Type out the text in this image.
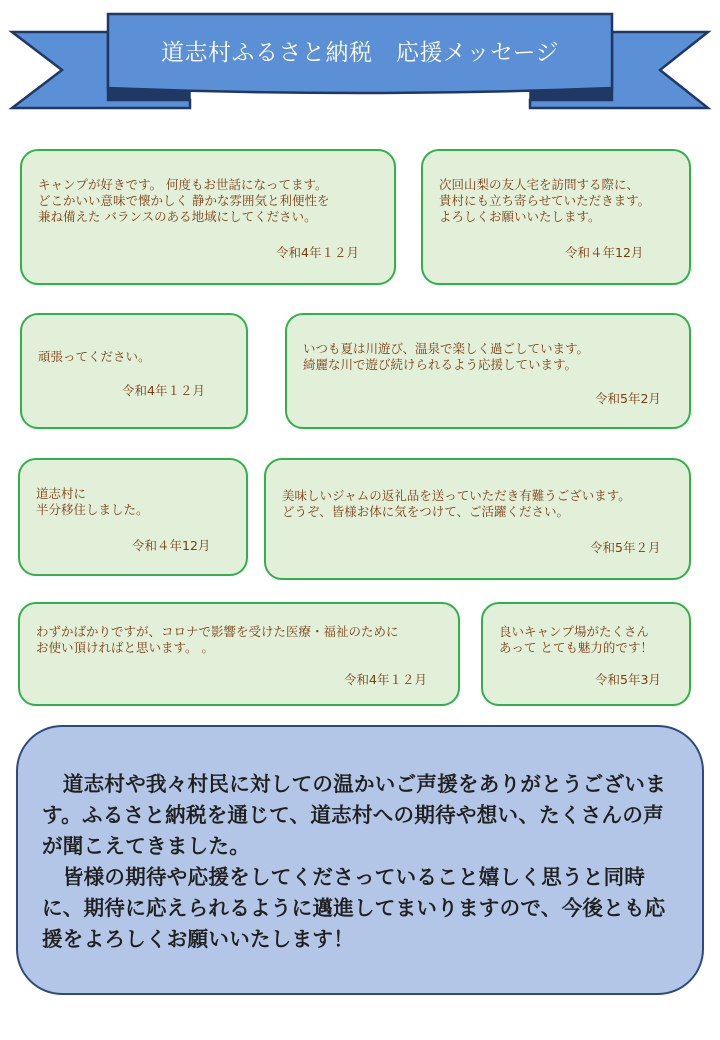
道志村ふるさと納税　応援メッセージ
キャンプが好きです。 何度もお世話になってます。
どこかいい意味で懐かしく 静かな雰囲気と利便性を
兼ね備えた バランスのある地域にしてください。
令和4年１２月
次回山梨の友人宅を訪問する際に、
貴村にも立ち寄らせていただきます。
よろしくお願いいたします。
令和４年12月
頑張ってください。
令和4年１２月
いつも夏は川遊び、温泉で楽しく過ごしています。
綺麗な川で遊び続けられるよう応援しています。
令和5年2月
道志村に
半分移住しました。
令和４年12月
美味しいジャムの返礼品を送っていただき有難うございます。
どうぞ、皆様お体に気をつけて、ご活躍ください。
令和5年２月
わずかばかりですが、コロナで影響を受けた医療・福祉のために
お使い頂ければと思います。 。
令和4年１２月
良いキャンプ場がたくさん
あって とても魅力的です！
令和5年3月
　道志村や我々村民に対しての温かいご声援をありがとうございます。ふるさと納税を通じて、道志村への期待や想い、たくさんの声が聞こえてきました。
　皆様の期待や応援をしてくださっていること嬉しく思うと同時に、期待に応えられるように邁進してまいりますので、今後とも応援をよろしくお願いいたします！
